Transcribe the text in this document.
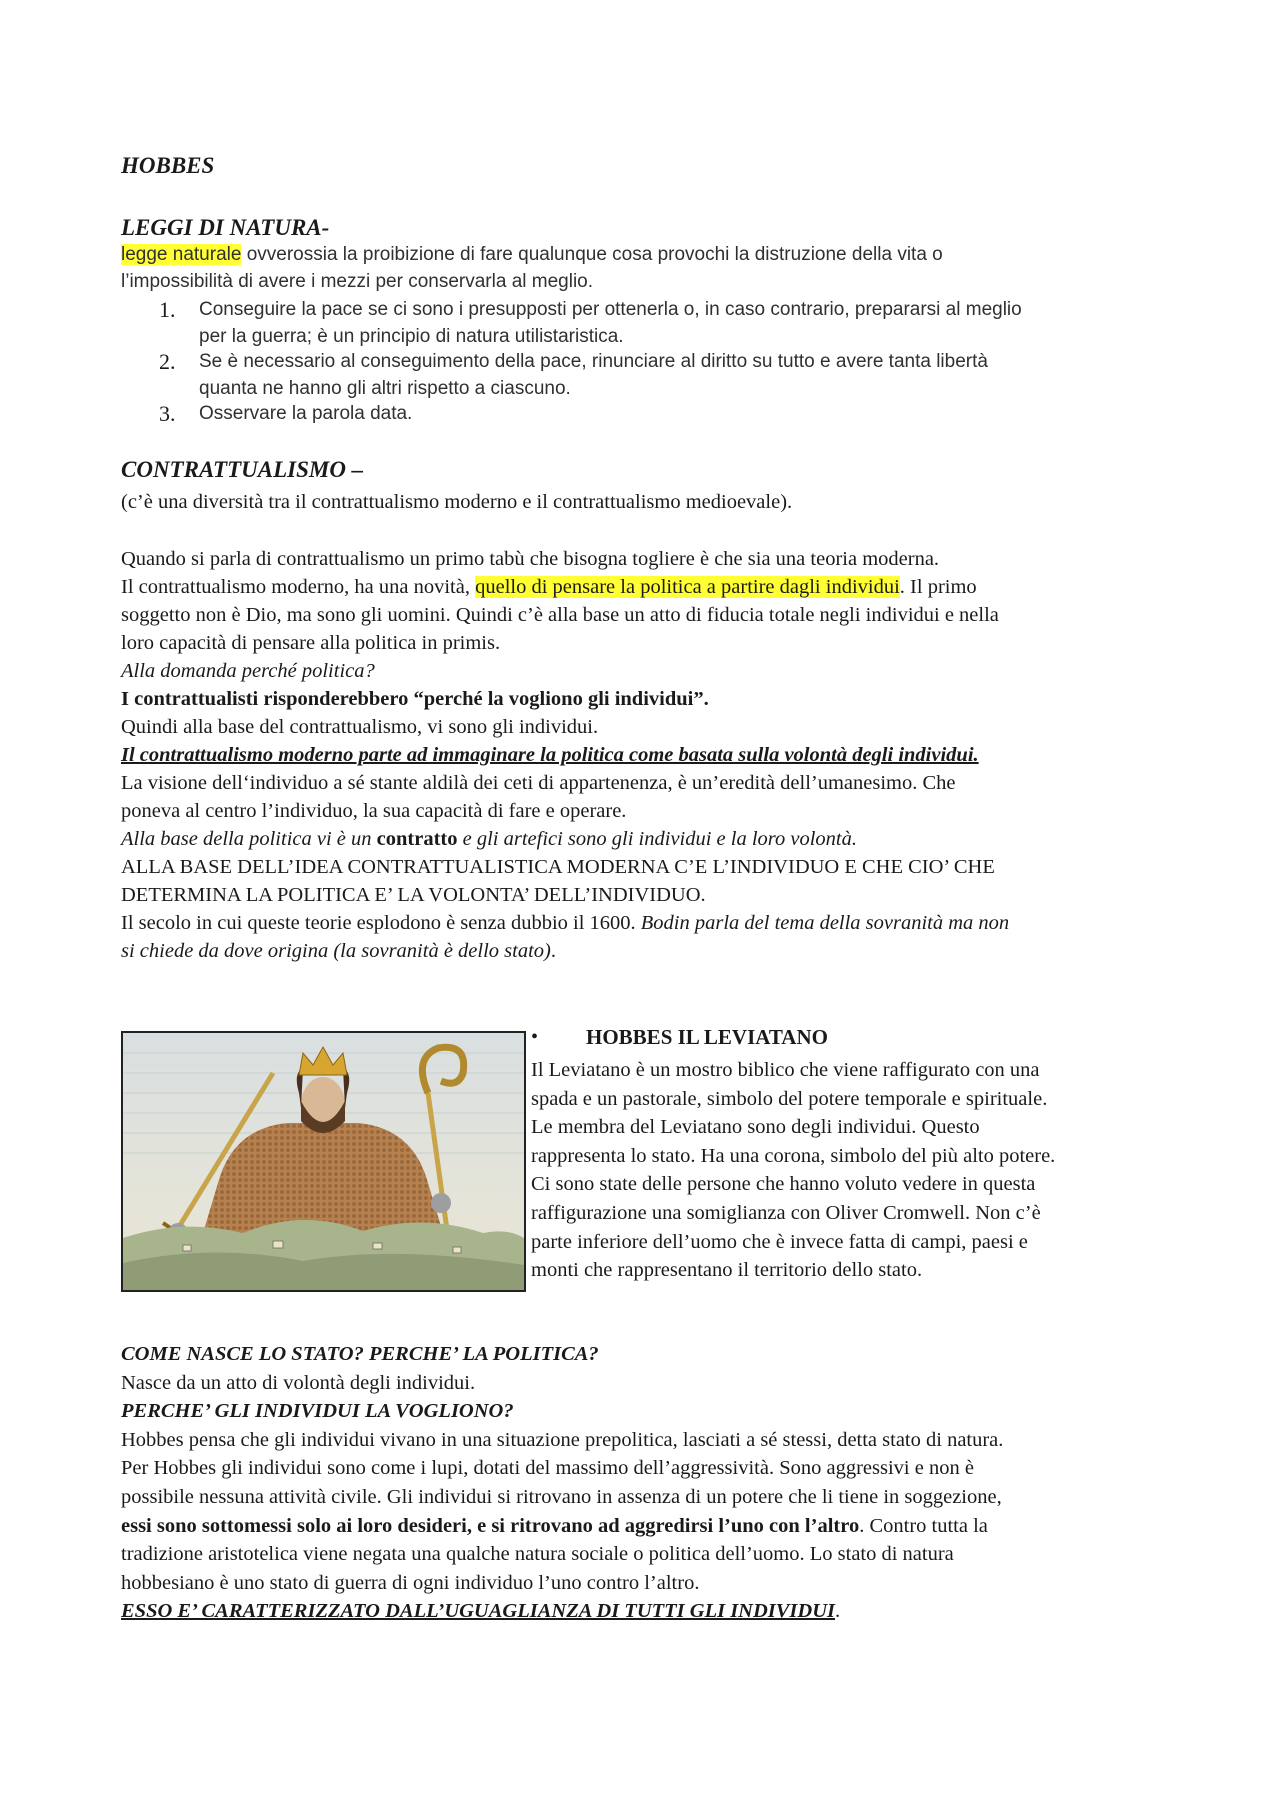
HOBBES
LEGGI DI NATURA-
legge naturale ovverossia la proibizione di fare qualunque cosa provochi la distruzione della vita o
l’impossibilità di avere i mezzi per conservarla al meglio.
1. Conseguire la pace se ci sono i presupposti per ottenerla o, in caso contrario, prepararsi al meglio
per la guerra; è un principio di natura utilistaristica.
2. Se è necessario al conseguimento della pace, rinunciare al diritto su tutto e avere tanta libertà
quanta ne hanno gli altri rispetto a ciascuno.
3. Osservare la parola data.
CONTRATTUALISMO –
(c’è una diversità tra il contrattualismo moderno e il contrattualismo medioevale).
Quando si parla di contrattualismo un primo tabù che bisogna togliere è che sia una teoria moderna.
Il contrattualismo moderno, ha una novità, quello di pensare la politica a partire dagli individui. Il primo
soggetto non è Dio, ma sono gli uomini. Quindi c’è alla base un atto di fiducia totale negli individui e nella
loro capacità di pensare alla politica in primis.
Alla domanda perché politica?
I contrattualisti risponderebbero “perché la vogliono gli individui”.
Quindi alla base del contrattualismo, vi sono gli individui.
Il contrattualismo moderno parte ad immaginare la politica come basata sulla volontà degli individui.
La visione dell‘individuo a sé stante aldilà dei ceti di appartenenza, è un’eredità dell’umanesimo. Che
poneva al centro l’individuo, la sua capacità di fare e operare.
Alla base della politica vi è un contratto e gli artefici sono gli individui e la loro volontà.
ALLA BASE DELL’IDEA CONTRATTUALISTICA MODERNA C’E L’INDIVIDUO E CHE CIO’ CHE
DETERMINA LA POLITICA E’ LA VOLONTA’ DELL’INDIVIDUO.
Il secolo in cui queste teorie esplodono è senza dubbio il 1600. Bodin parla del tema della sovranità ma non
si chiede da dove origina (la sovranità è dello stato).
• HOBBES IL LEVIATANO
Il Leviatano è un mostro biblico che viene raffigurato con una
spada e un pastorale, simbolo del potere temporale e spirituale.
Le membra del Leviatano sono degli individui. Questo
rappresenta lo stato. Ha una corona, simbolo del più alto potere.
Ci sono state delle persone che hanno voluto vedere in questa
raffigurazione una somiglianza con Oliver Cromwell. Non c’è
parte inferiore dell’uomo che è invece fatta di campi, paesi e
monti che rappresentano il territorio dello stato.
COME NASCE LO STATO? PERCHE’ LA POLITICA?
Nasce da un atto di volontà degli individui.
PERCHE’ GLI INDIVIDUI LA VOGLIONO?
Hobbes pensa che gli individui vivano in una situazione prepolitica, lasciati a sé stessi, detta stato di natura.
Per Hobbes gli individui sono come i lupi, dotati del massimo dell’aggressività. Sono aggressivi e non è
possibile nessuna attività civile. Gli individui si ritrovano in assenza di un potere che li tiene in soggezione,
essi sono sottomessi solo ai loro desideri, e si ritrovano ad aggredirsi l’uno con l’altro. Contro tutta la
tradizione aristotelica viene negata una qualche natura sociale o politica dell’uomo. Lo stato di natura
hobbesiano è uno stato di guerra di ogni individuo l’uno contro l’altro.
ESSO E’ CARATTERIZZATO DALL’UGUAGLIANZA DI TUTTI GLI INDIVIDUI.
